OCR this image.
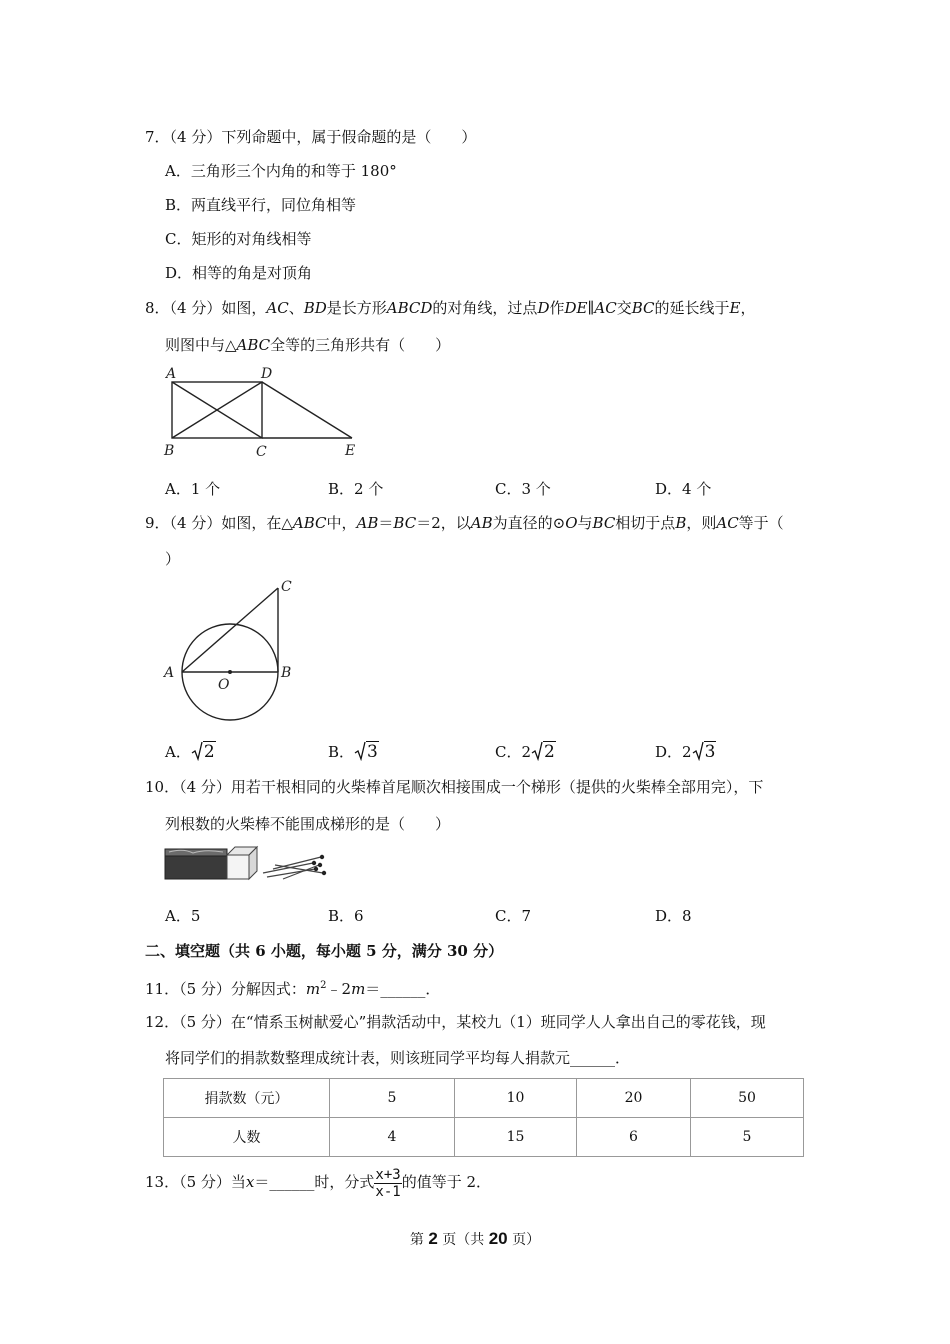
7．（4 分）下列命题中，属于假命题的是（　　）
A．三角形三个内角的和等于 180°
B．两直线平行，同位角相等
C．矩形的对角线相等
D．相等的角是对顶角
8．（4 分）如图，AC、BD是长方形ABCD的对角线，过点D作DE∥AC交BC的延长线于E，
则图中与△ABC全等的三角形共有（　　）
A	D
B	C	E
A．1 个	B．2 个	C．3 个	D．4 个
9．（4 分）如图，在△ABC中，AB＝BC＝2，以AB为直径的⊙O与BC相切于点B，则AC等于（
）
A	B
C
O
A． 2	B． 3	C．2 2	D．2 3
10．（4 分）用若干根相同的火柴棒首尾顺次相接围成一个梯形（提供的火柴棒全部用完），下
列根数的火柴棒不能围成梯形的是（　　）
A．5	B．6	C．7	D．8
二、填空题（共 6 小题，每小题 5 分，满分 30 分）
11．（5 分）分解因式：$m^2﹣2m=\_\_\_\_\_\_$．
12．（5 分）在“情系玉树献爱心”捐款活动中，某校九（1）班同学人人拿出自己的零花钱，现
将同学们的捐款数整理成统计表，则该班同学平均每人捐款元______．
捐款数（元）	5	10	20	50
人数	4	15	6	5
13．（5 分）当x＝______时，分式 $\frac{x+3}{x-1}$ 的值等于 2．
第 2 页（共 20 页）
